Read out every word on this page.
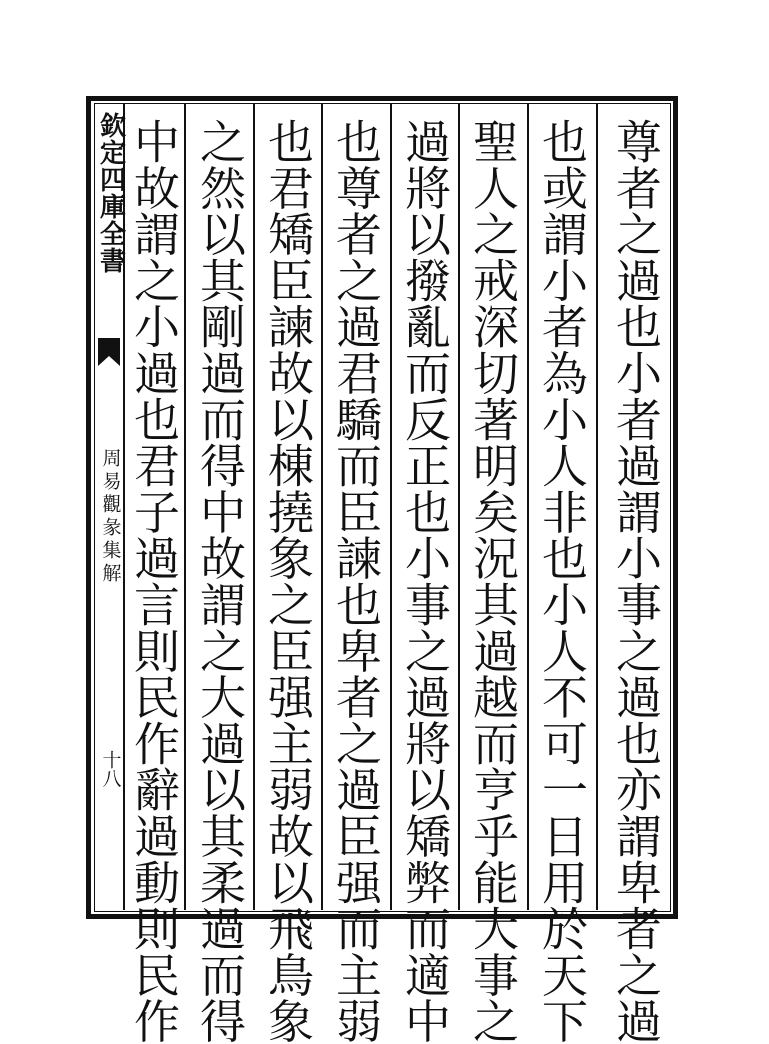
欽定四庫全書
周易觀彖集解
十八	尊者之過也小者過謂小事之過也亦謂卑者之過
也或謂小者為小人非也小人不可一日用於天下
聖人之戒深切著明矣況其過越而亨乎能大事之
過將以撥亂而反正也小事之過將以矯弊而適中
也尊者之過君驕而臣諫也卑者之過臣强而主弱
也君矯臣諫故以棟撓象之臣强主弱故以飛鳥象
之然以其剛過而得中故謂之大過以其柔過而得
中故謂之小過也君子過言則民作辭過動則民作
